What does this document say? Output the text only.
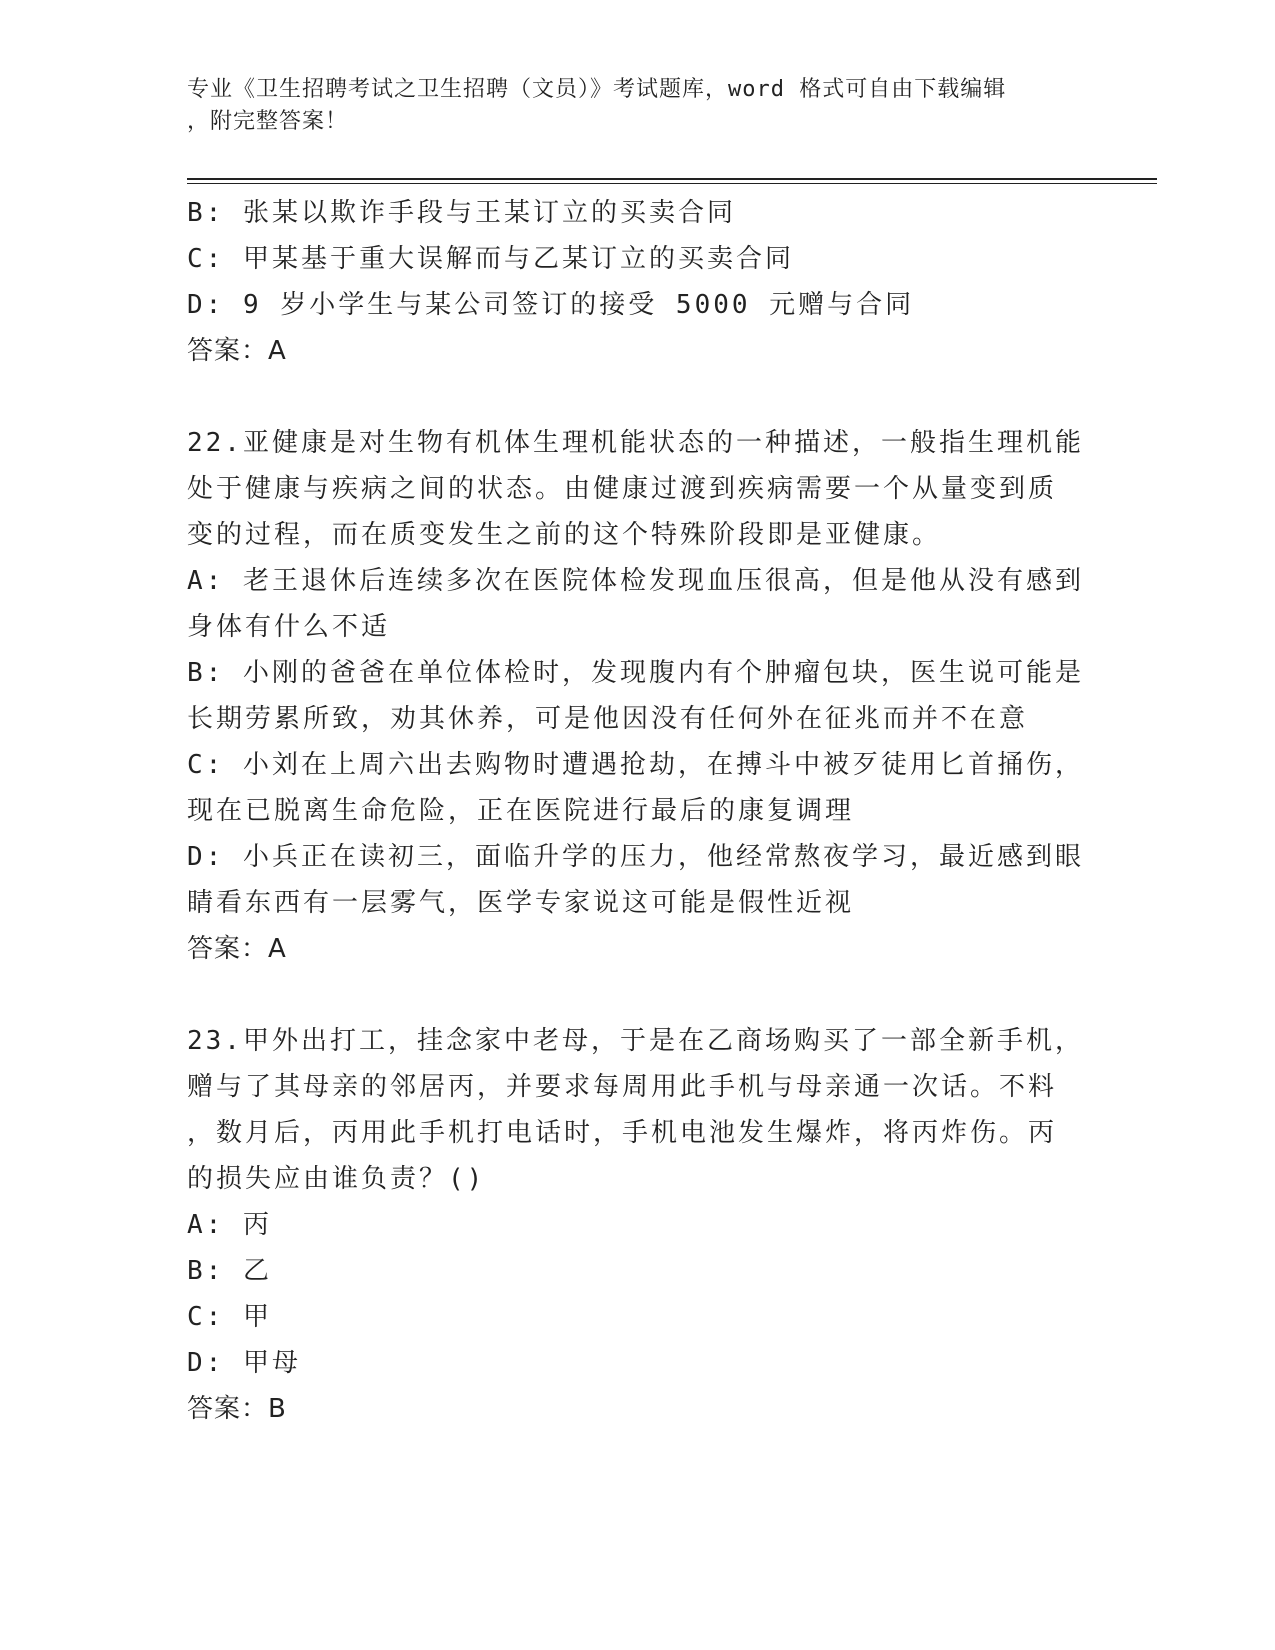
专业《卫生招聘考试之卫生招聘（文员）》考试题库，word 格式可自由下载编辑
，附完整答案！
B: 张某以欺诈手段与王某订立的买卖合同
C: 甲某基于重大误解而与乙某订立的买卖合同
D: 9 岁小学生与某公司签订的接受 5000 元赠与合同
答案：A
22.亚健康是对生物有机体生理机能状态的一种描述，一般指生理机能
处于健康与疾病之间的状态。由健康过渡到疾病需要一个从量变到质
变的过程，而在质变发生之前的这个特殊阶段即是亚健康。
A: 老王退休后连续多次在医院体检发现血压很高，但是他从没有感到
身体有什么不适
B: 小刚的爸爸在单位体检时，发现腹内有个肿瘤包块，医生说可能是
长期劳累所致，劝其休养，可是他因没有任何外在征兆而并不在意
C: 小刘在上周六出去购物时遭遇抢劫，在搏斗中被歹徒用匕首捅伤，
现在已脱离生命危险，正在医院进行最后的康复调理
D: 小兵正在读初三，面临升学的压力，他经常熬夜学习，最近感到眼
睛看东西有一层雾气，医学专家说这可能是假性近视
答案：A
23.甲外出打工，挂念家中老母，于是在乙商场购买了一部全新手机，
赠与了其母亲的邻居丙，并要求每周用此手机与母亲通一次话。不料
，数月后，丙用此手机打电话时，手机电池发生爆炸，将丙炸伤。丙
的损失应由谁负责？()
A: 丙
B: 乙
C: 甲
D: 甲母
答案：B
